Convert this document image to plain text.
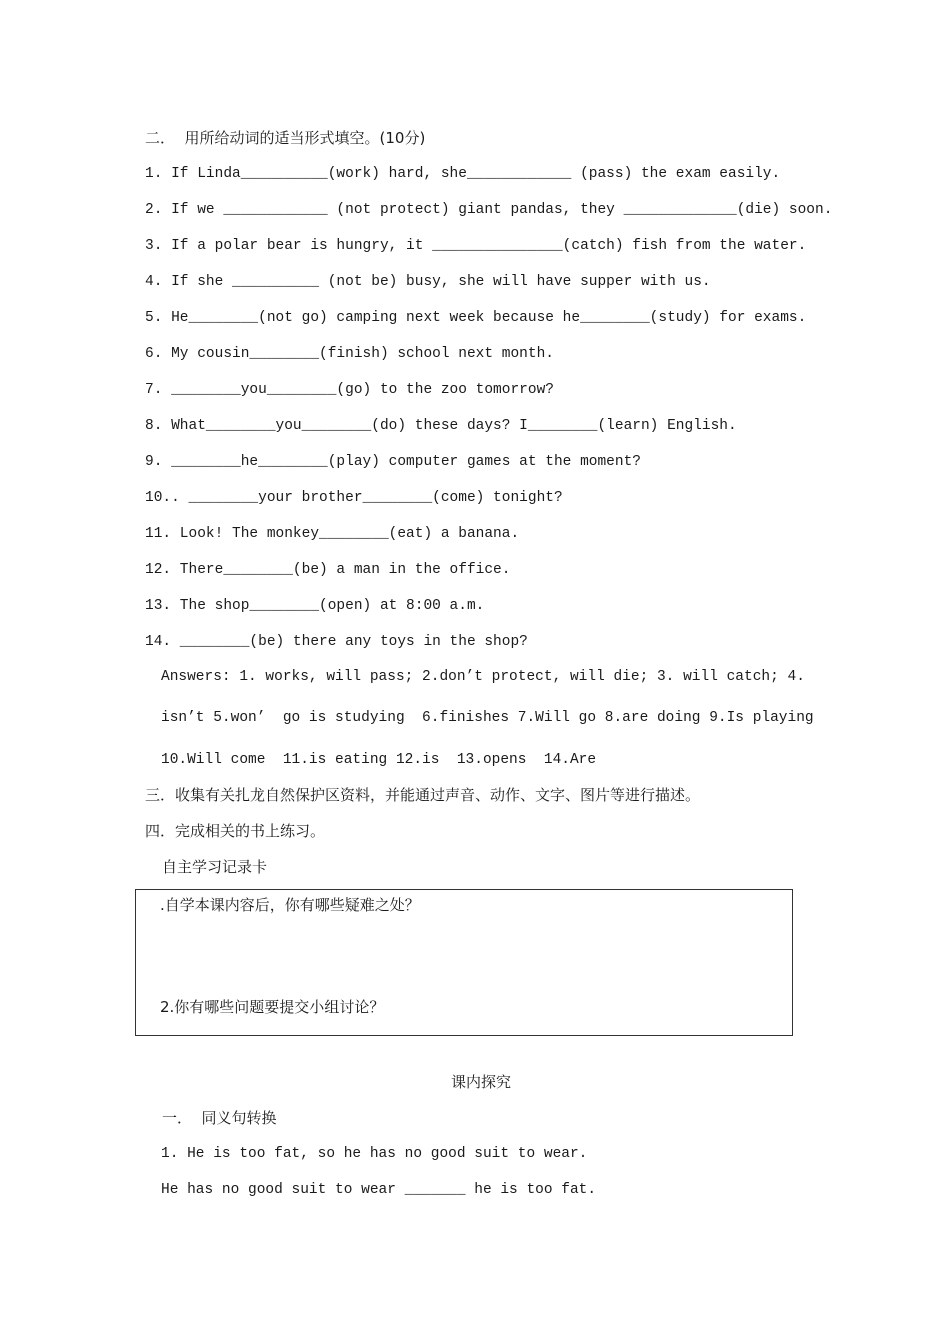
二．  用所给动词的适当形式填空。(10分)
1. If Linda__________(work) hard, she____________ (pass) the exam easily.
2. If we ____________ (not protect) giant pandas, they _____________(die) soon.
3. If a polar bear is hungry, it _______________(catch) fish from the water.
4. If she __________ (not be) busy, she will have supper with us.
5. He________(not go) camping next week because he________(study) for exams.
6. My cousin________(finish) school next month.
7. ________you________(go) to the zoo tomorrow?
8. What________you________(do) these days? I________(learn) English.
9. ________he________(play) computer games at the moment?
10.. ________your brother________(come) tonight?
11. Look! The monkey________(eat) a banana.
12. There________(be) a man in the office.
13. The shop________(open) at 8:00 a.m.
14. ________(be) there any toys in the shop?
Answers: 1. works, will pass; 2.don’t protect, will die; 3. will catch; 4.
isn’t 5.won’  go is studying  6.finishes 7.Will go 8.are doing 9.Is playing
10.Will come  11.is eating 12.is  13.opens  14.Are
三．收集有关扎龙自然保护区资料，并能通过声音、动作、文字、图片等进行描述。
四．完成相关的书上练习。
自主学习记录卡
.自学本课内容后，你有哪些疑难之处？
2.你有哪些问题要提交小组讨论？
课内探究
一．  同义句转换
1. He is too fat, so he has no good suit to wear.
He has no good suit to wear _______ he is too fat.
